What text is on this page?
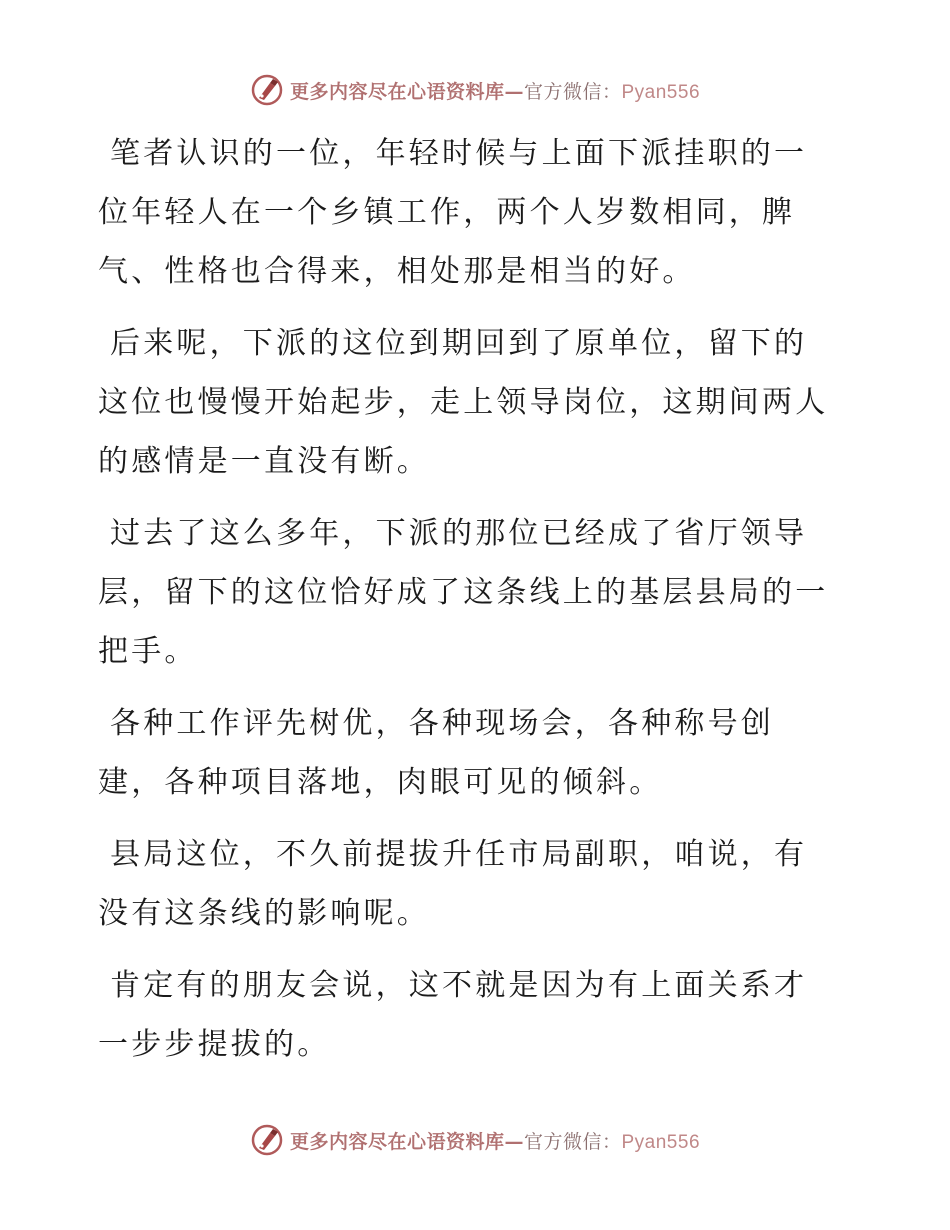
更多内容尽在心语资料库—官方微信：Pyan556

笔者认识的一位，年轻时候与上面下派挂职的一
位年轻人在一个乡镇工作，两个人岁数相同，脾
气、性格也合得来，相处那是相当的好。

后来呢，下派的这位到期回到了原单位，留下的
这位也慢慢开始起步，走上领导岗位，这期间两人
的感情是一直没有断。

过去了这么多年，下派的那位已经成了省厅领导
层，留下的这位恰好成了这条线上的基层县局的一
把手。

各种工作评先树优，各种现场会，各种称号创
建，各种项目落地，肉眼可见的倾斜。

县局这位，不久前提拔升任市局副职，咱说，有
没有这条线的影响呢。

肯定有的朋友会说，这不就是因为有上面关系才
一步步提拔的。

更多内容尽在心语资料库—官方微信：Pyan556
